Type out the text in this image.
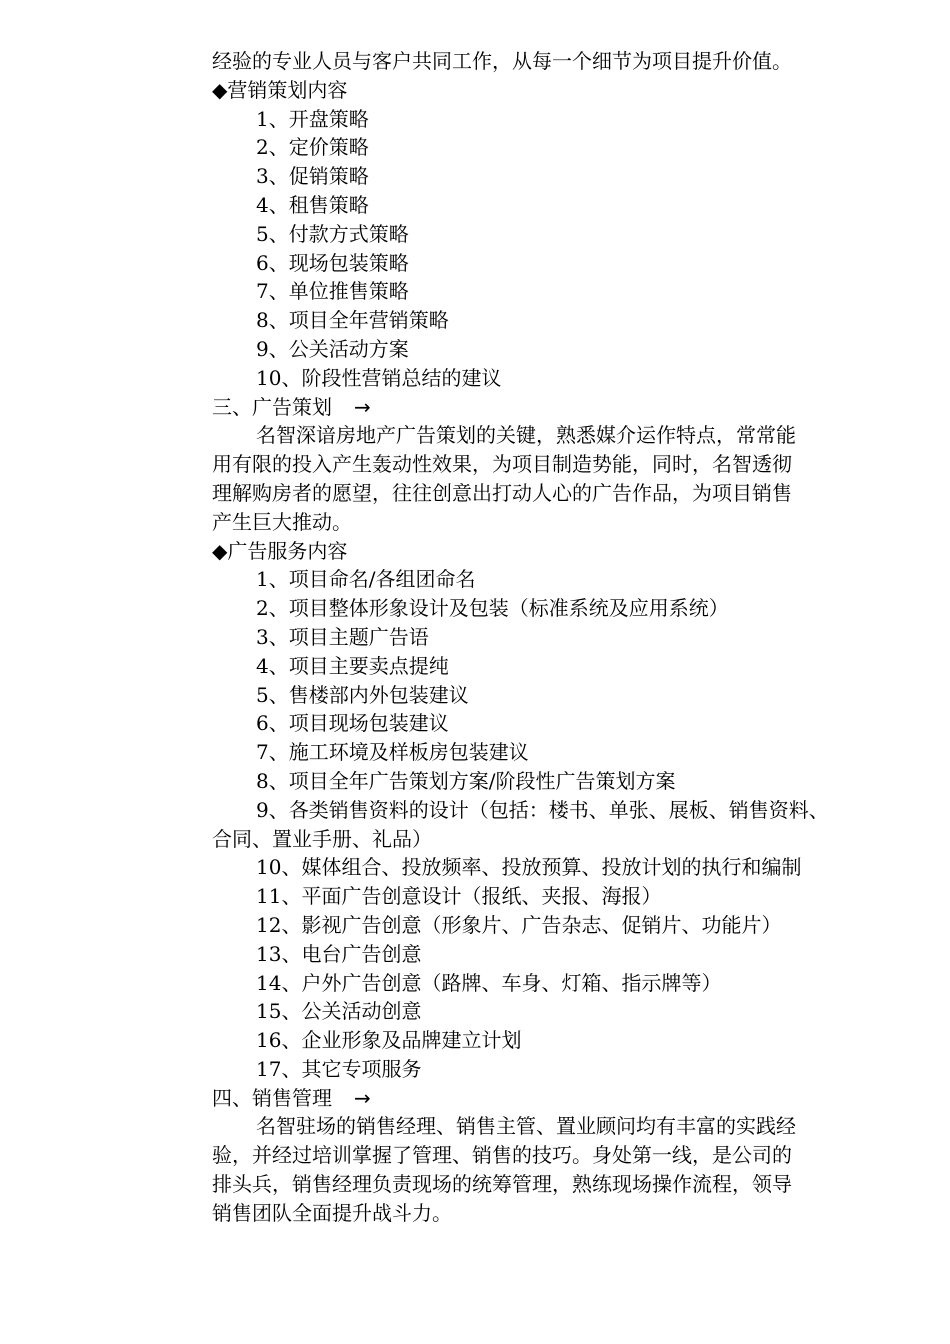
经验的专业人员与客户共同工作，从每一个细节为项目提升价值。
◆营销策划内容
1、开盘策略
2、定价策略
3、促销策略
4、租售策略
5、付款方式策略
6、现场包装策略
7、单位推售策略
8、项目全年营销策略
9、公关活动方案
10、阶段性营销总结的建议
三、广告策划 →
名智深谙房地产广告策划的关键，熟悉媒介运作特点，常常能
用有限的投入产生轰动性效果，为项目制造势能，同时，名智透彻
理解购房者的愿望，往往创意出打动人心的广告作品，为项目销售
产生巨大推动。
◆广告服务内容
1、项目命名/各组团命名
2、项目整体形象设计及包装（标准系统及应用系统）
3、项目主题广告语
4、项目主要卖点提纯
5、售楼部内外包装建议
6、项目现场包装建议
7、施工环境及样板房包装建议
8、项目全年广告策划方案/阶段性广告策划方案
9、各类销售资料的设计（包括：楼书、单张、展板、销售资料、
合同、置业手册、礼品）
10、媒体组合、投放频率、投放预算、投放计划的执行和编制
11、平面广告创意设计（报纸、夹报、海报）
12、影视广告创意（形象片、广告杂志、促销片、功能片）
13、电台广告创意
14、户外广告创意（路牌、车身、灯箱、指示牌等）
15、公关活动创意
16、企业形象及品牌建立计划
17、其它专项服务
四、销售管理 →
名智驻场的销售经理、销售主管、置业顾问均有丰富的实践经
验，并经过培训掌握了管理、销售的技巧。身处第一线，是公司的
排头兵，销售经理负责现场的统筹管理，熟练现场操作流程，领导
销售团队全面提升战斗力。
